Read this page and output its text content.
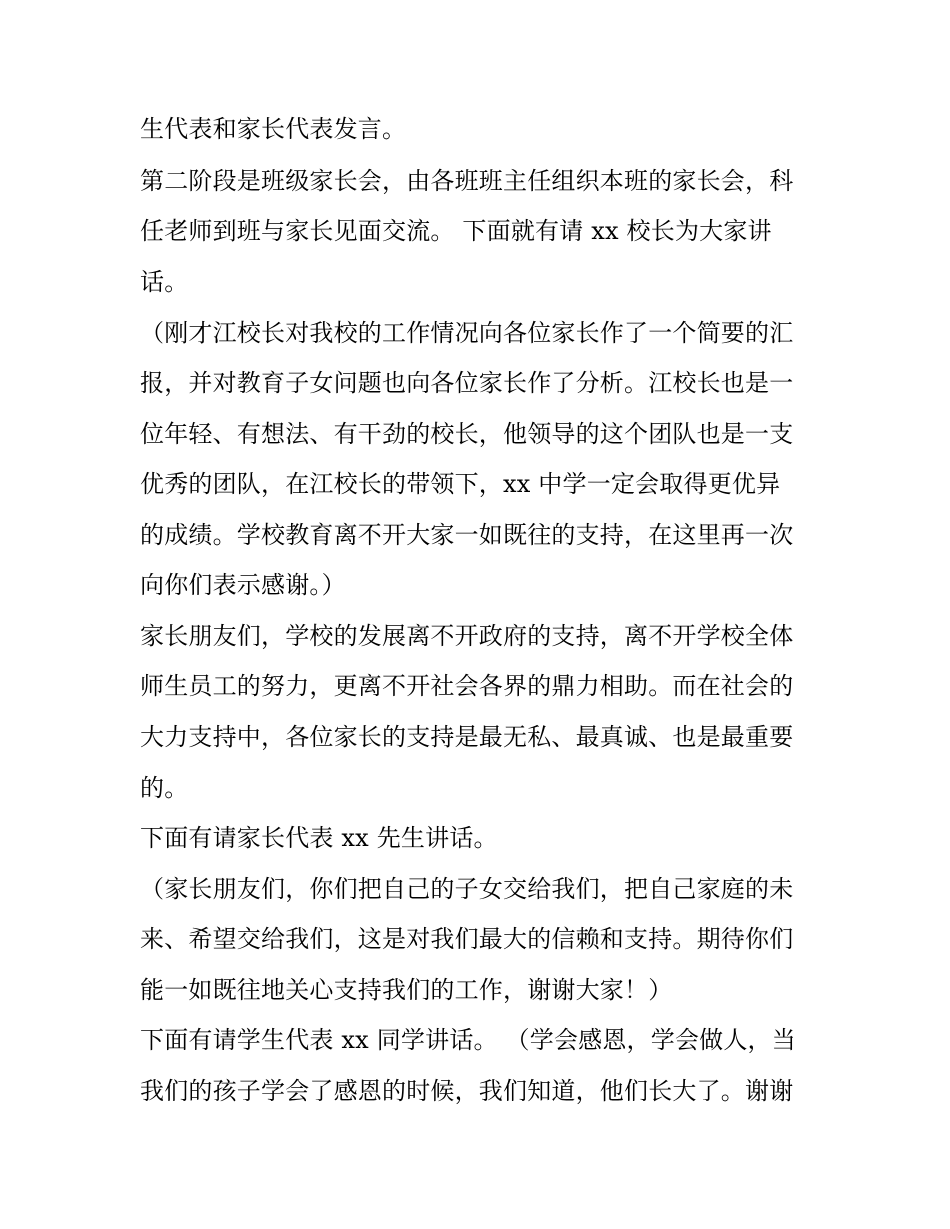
生代表和家长代表发言。

第二阶段是班级家长会，由各班班主任组织本班的家长会，科

任老师到班与家长见面交流。 下面就有请 xx 校长为大家讲

话。

（刚才江校长对我校的工作情况向各位家长作了一个简要的汇

报，并对教育子女问题也向各位家长作了分析。江校长也是一

位年轻、有想法、有干劲的校长，他领导的这个团队也是一支

优秀的团队，在江校长的带领下，xx 中学一定会取得更优异

的成绩。学校教育离不开大家一如既往的支持，在这里再一次

向你们表示感谢。）

家长朋友们，学校的发展离不开政府的支持，离不开学校全体

师生员工的努力，更离不开社会各界的鼎力相助。而在社会的

大力支持中，各位家长的支持是最无私、最真诚、也是最重要

的。

下面有请家长代表 xx 先生讲话。

（家长朋友们，你们把自己的子女交给我们，把自己家庭的未

来、希望交给我们，这是对我们最大的信赖和支持。期待你们

能一如既往地关心支持我们的工作，谢谢大家！）

下面有请学生代表 xx 同学讲话。 （学会感恩，学会做人，当

我们的孩子学会了感恩的时候，我们知道，他们长大了。谢谢
